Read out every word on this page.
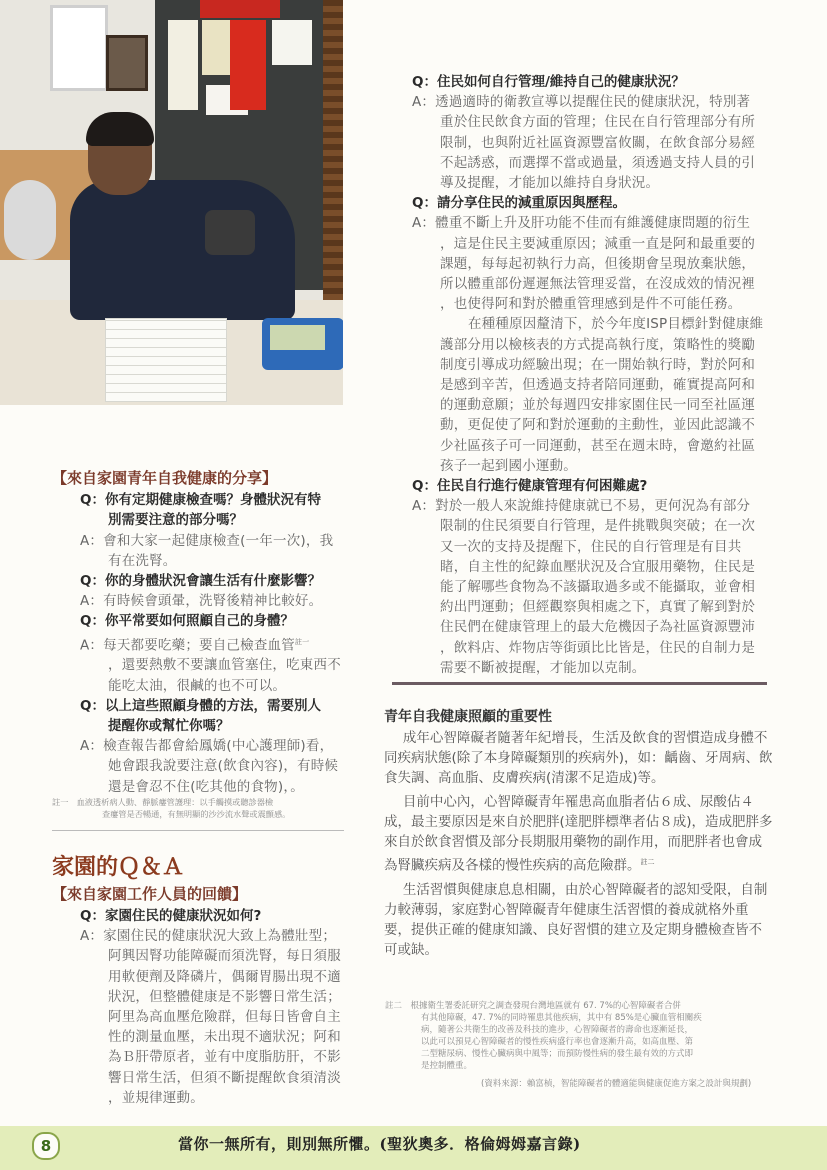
【來自家園青年自我健康的分享】
Q：你有定期健康檢查嗎？身體狀況有特
別需要注意的部分嗎？
A：會和大家一起健康檢查(一年一次)，我
有在洗腎。
Q：你的身體狀況會讓生活有什麼影響？
A：有時候會頭暈，洗腎後精神比較好。
Q：你平常要如何照顧自己的身體？
A：每天都要吃藥；要自己檢查血管$^{註一}$
，還要熱敷不要讓血管塞住，吃東西不
能吃太油，很鹹的也不可以。
Q：以上這些照顧身體的方法，需要別人
提醒你或幫忙你嗎？
A：檢查報告都會給鳳嬌(中心護理師)看，
她會跟我說要注意(飲食內容)，有時候
還是會忍不住(吃其他的食物)，。
註一　血液透析病人動、靜脈瘻管護理：以手觸摸或聽診器檢
查瘻管是否暢通，有無明顯的沙沙流水聲或震顫感。
家園的Ｑ＆Ａ
【來自家園工作人員的回饋】
Q：家園住民的健康狀況如何?
A：家園住民的健康狀況大致上為體壯型；
阿興因腎功能障礙而須洗腎，每日須服
用軟便劑及降磷片，偶爾胃腸出現不適
狀況，但整體健康是不影響日常生活；
阿里為高血壓危險群，但每日皆會自主
性的測量血壓，未出現不適狀況；阿和
為Ｂ肝帶原者，並有中度脂肪肝，不影
響日常生活，但須不斷提醒飲食須清淡
，並規律運動。
Q：住民如何自行管理/維持自己的健康狀況？
A：透過適時的衛教宣導以提醒住民的健康狀況，特別著
重於住民飲食方面的管理；住民在自行管理部分有所
限制，也與附近社區資源豐富攸關，在飲食部分易經
不起誘惑，而選擇不當或過量，須透過支持人員的引
導及提醒，才能加以維持自身狀況。
Q：請分享住民的減重原因與歷程。
A：體重不斷上升及肝功能不佳而有維護健康問題的衍生
，這是住民主要減重原因；減重一直是阿和最重要的
課題，每每起初執行力高，但後期會呈現放棄狀態，
所以體重部份遲遲無法管理妥當，在沒成效的情況裡
，也使得阿和對於體重管理感到是件不可能任務。
在種種原因釐清下，於今年度ISP目標針對健康維
護部分用以檢核表的方式提高執行度，策略性的獎勵
制度引導成功經驗出現；在一開始執行時，對於阿和
是感到辛苦，但透過支持者陪同運動，確實提高阿和
的運動意願；並於每週四安排家園住民一同至社區運
動，更促使了阿和對於運動的主動性，並因此認識不
少社區孩子可一同運動，甚至在週末時，會邀約社區
孩子一起到國小運動。
Q：住民自行進行健康管理有何困難處?
A：對於一般人來說維持健康就已不易，更何況為有部分
限制的住民須要自行管理，是件挑戰與突破；在一次
又一次的支持及提醒下，住民的自行管理是有目共
睹，自主性的紀錄血壓狀況及合宜服用藥物，住民是
能了解哪些食物為不該攝取過多或不能攝取，並會相
約出門運動；但經觀察與相處之下，真實了解到對於
住民們在健康管理上的最大危機因子為社區資源豐沛
，飲料店、炸物店等街頭比比皆是，住民的自制力是
需要不斷被提醒，才能加以克制。
青年自我健康照顧的重要性

成年心智障礙者隨著年紀增長，生活及飲食的習慣造成身體不同疾病狀態(除了本身障礙類別的疾病外)，如：齲齒、牙周病、飲食失調、高血脂、皮膚疾病(清潔不足造成)等。

目前中心內，心智障礙青年罹患高血脂者佔６成、尿酸佔４成，最主要原因是來自於肥胖(達肥胖標準者佔８成)，造成肥胖多來自於飲食習慣及部分長期服用藥物的副作用，而肥胖者也會成為腎臟疾病及各樣的慢性疾病的高危險群。$^{註二}$

生活習慣與健康息息相關，由於心智障礙者的認知受限，自制力較薄弱，家庭對心智障礙青年健康生活習慣的養成就格外重要，提供正確的健康知識、良好習慣的建立及定期身體檢查皆不可或缺。

註二　根據衛生署委託研究之調查發現台灣地區就有 67. 7%的心智障礙者合併
有其他障礙，47. 7%的同時罹患其他疾病，其中有 85%是心臟血管相關疾
病，隨著公共衛生的改善及科技的進步，心智障礙者的壽命也逐漸延長，
以此可以預見心智障礙者的慢性疾病盛行率也會逐漸升高，如高血壓、第
二型糖尿病、慢性心臟病與中風等；而預防慢性病的發生最有效的方式即
是控制體重。
(資料來源：賴富楨，智能障礙者的體適能與健康促進方案之設計與規劃)
8	當你一無所有，則別無所懼。(聖狄奧多．格倫姆姆嘉言錄)
